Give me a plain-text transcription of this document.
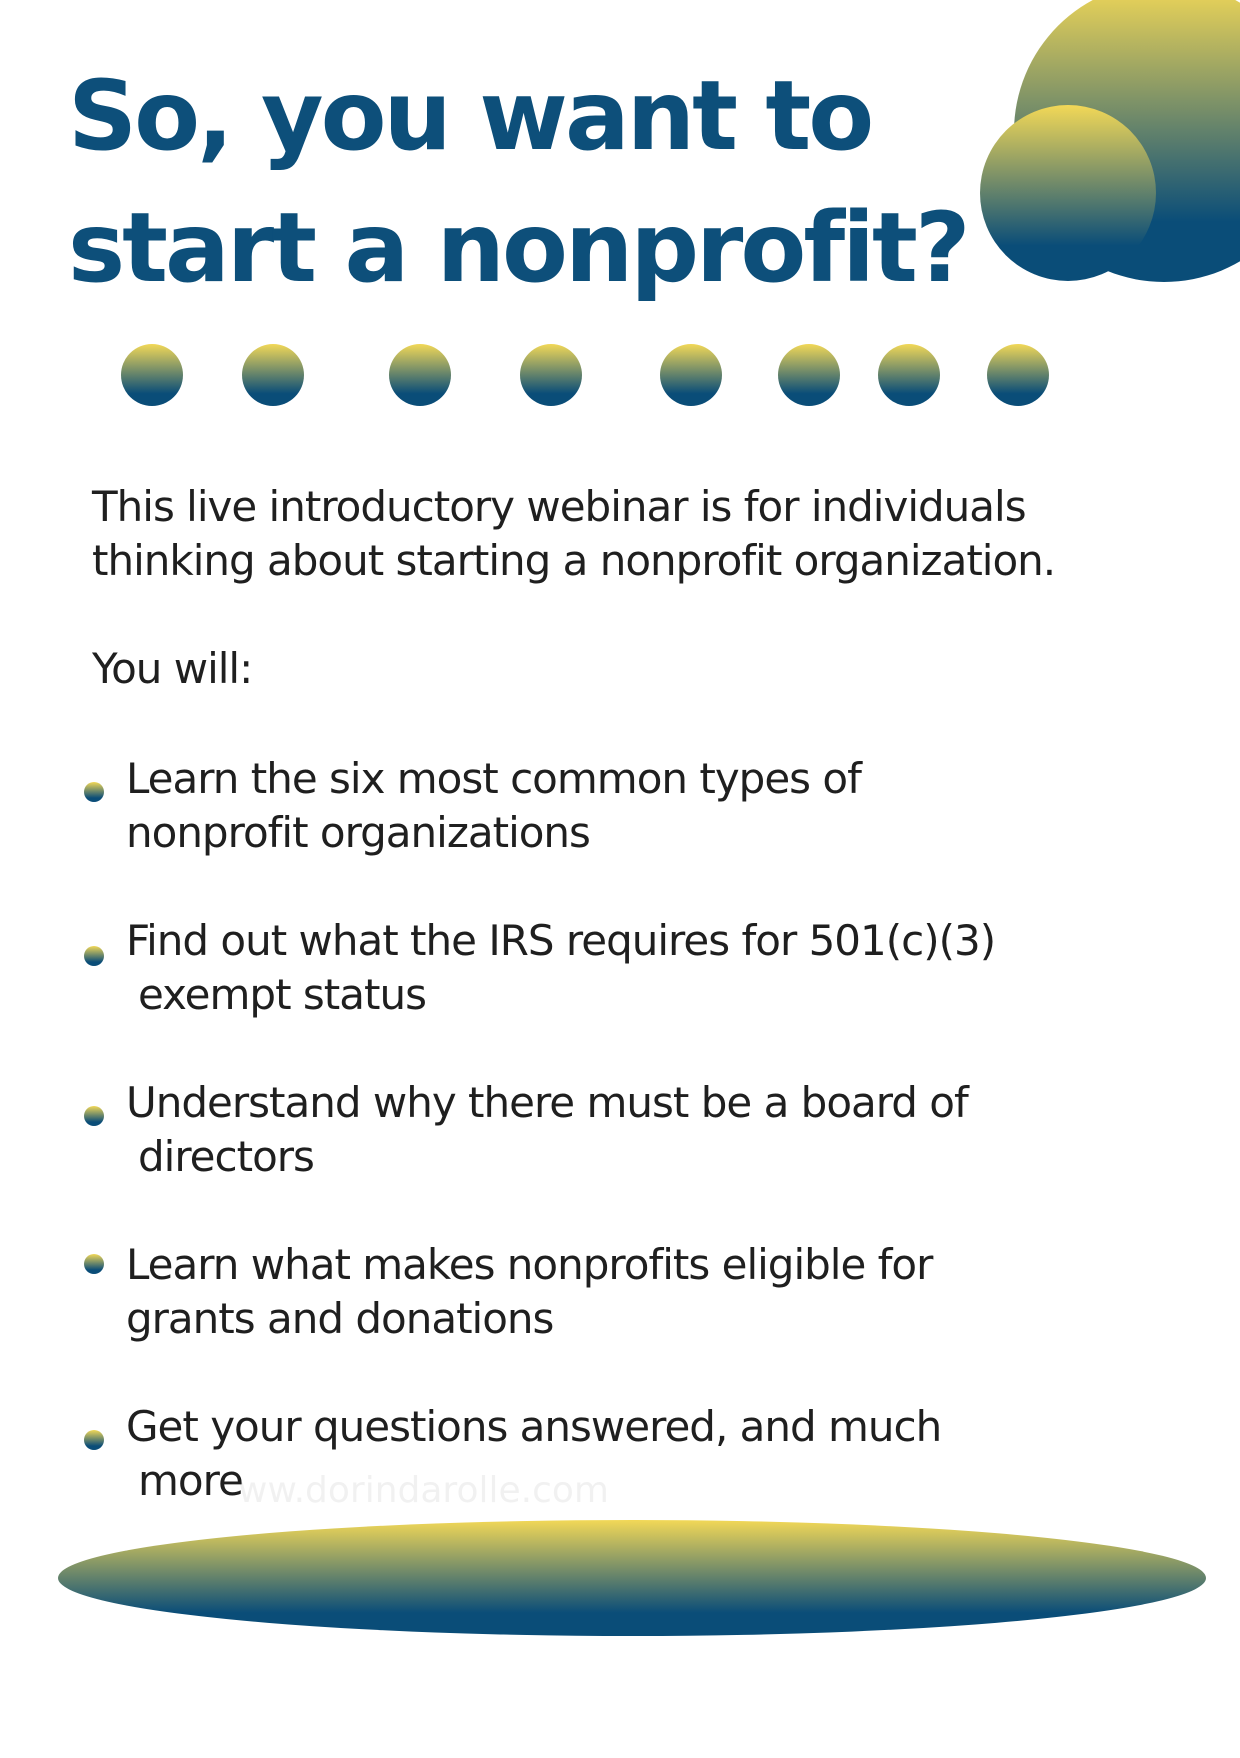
So, you want to
start a nonprofit?

This live introductory webinar is for individuals
thinking about starting a nonprofit organization.

You will:

Learn the six most common types of
nonprofit organizations
Find out what the IRS requires for 501(c)(3)
exempt status
Understand why there must be a board of
directors
Learn what makes nonprofits eligible for
grants and donations
Get your questions answered, and much
more
ww.dorindarolle.com
